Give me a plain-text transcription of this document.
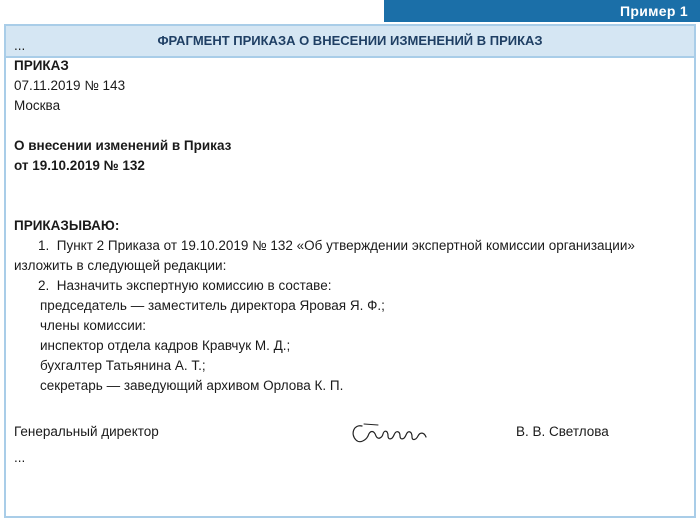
Пример 1
ФРАГМЕНТ ПРИКАЗА О ВНЕСЕНИИ ИЗМЕНЕНИЙ В ПРИКАЗ
...
ПРИКАЗ
07.11.2019 № 143
Москва
О внесении изменений в Приказ
от 19.10.2019 № 132
ПРИКАЗЫВАЮ:
1.  Пункт 2 Приказа от 19.10.2019 № 132 «Об утверждении экспертной комиссии организации»
изложить в следующей редакции:
2.  Назначить экспертную комиссию в составе:
председатель — заместитель директора Яровая Я. Ф.;
члены комиссии:
инспектор отдела кадров Кравчук М. Д.;
бухгалтер Татьянина А. Т.;
секретарь — заведующий архивом Орлова К. П.
Генеральный директор	В. В. Светлова
...
